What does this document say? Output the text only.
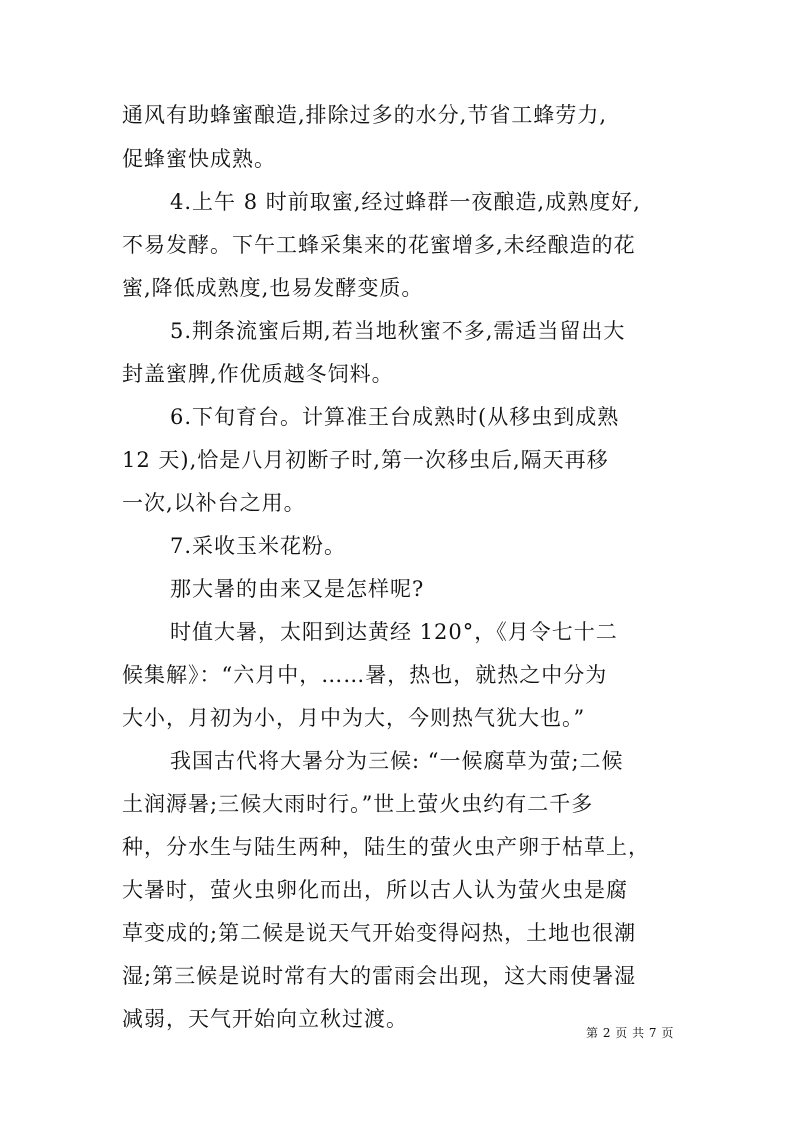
通风有助蜂蜜酿造,排除过多的水分,节省工蜂劳力,
促蜂蜜快成熟。
4.上午 8 时前取蜜,经过蜂群一夜酿造,成熟度好,
不易发酵。下午工蜂采集来的花蜜增多,未经酿造的花
蜜,降低成熟度,也易发酵变质。
5.荆条流蜜后期,若当地秋蜜不多,需适当留出大
封盖蜜脾,作优质越冬饲料。
6.下旬育台。计算准王台成熟时(从移虫到成熟
12 天),恰是八月初断子时,第一次移虫后,隔天再移
一次,以补台之用。
7.采收玉米花粉。
那大暑的由来又是怎样呢?
时值大暑，太阳到达黄经 120°，《月令七十二
候集解》：“六月中，……暑，热也，就热之中分为
大小，月初为小，月中为大，今则热气犹大也。”
我国古代将大暑分为三候: “一候腐草为萤;二候
土润溽暑;三候大雨时行。”世上萤火虫约有二千多
种，分水生与陆生两种，陆生的萤火虫产卵于枯草上，
大暑时，萤火虫卵化而出，所以古人认为萤火虫是腐
草变成的;第二候是说天气开始变得闷热，土地也很潮
湿;第三候是说时常有大的雷雨会出现，这大雨使暑湿
减弱，天气开始向立秋过渡。
第 2 页 共 7 页
